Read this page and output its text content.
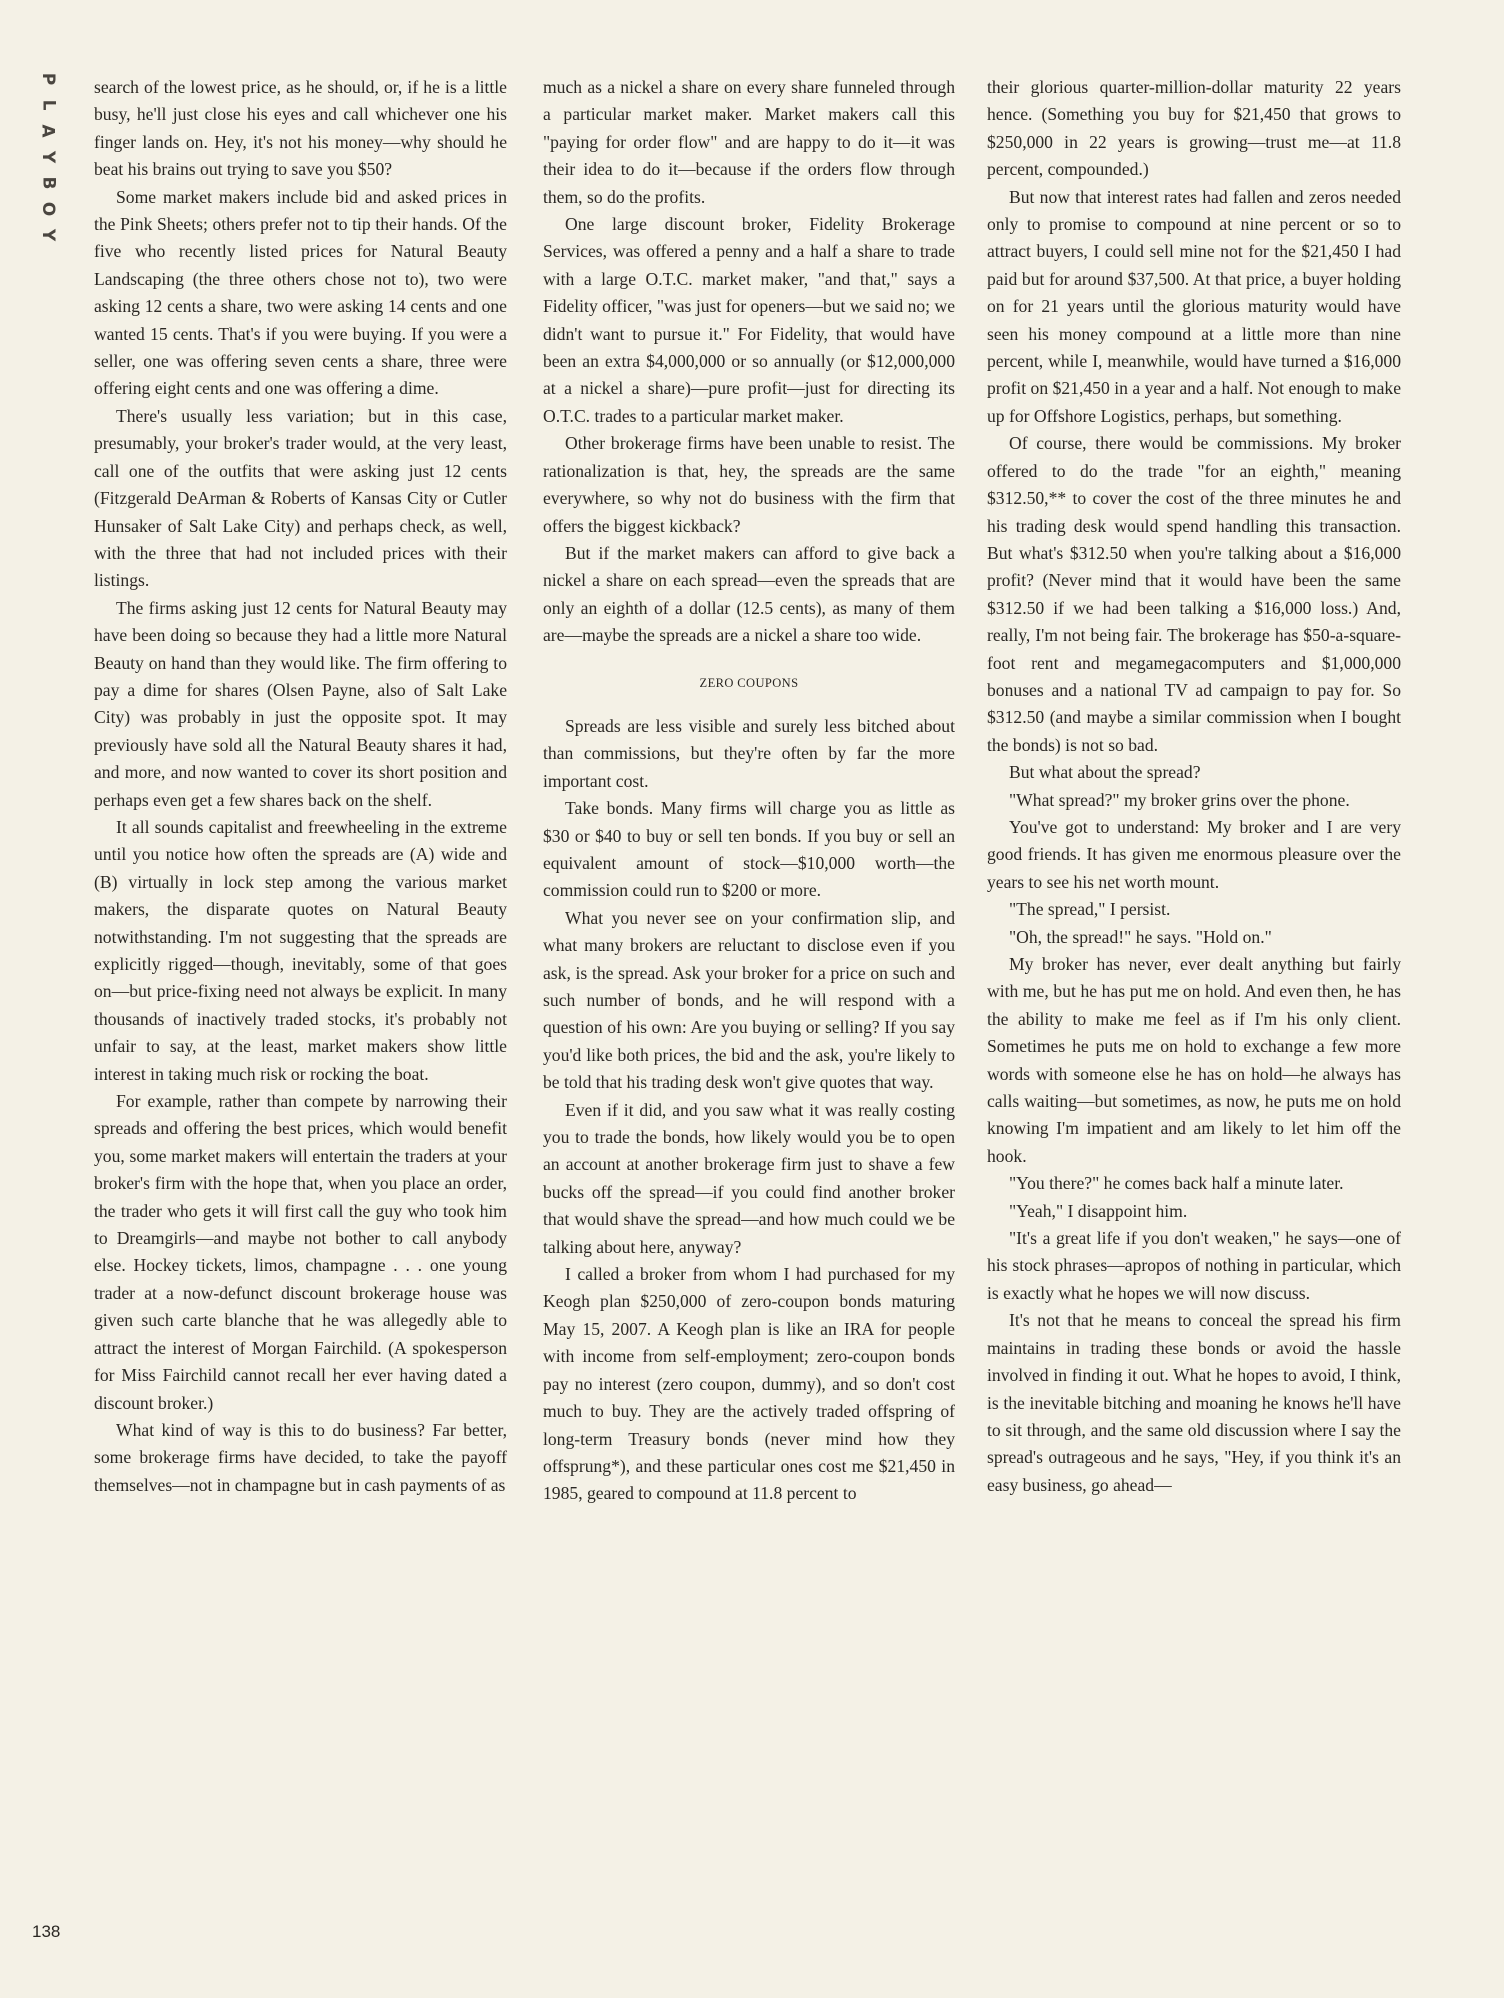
P
L
A
Y
B
O
Y

search of the lowest price, as he should, or, if he is a little busy, he'll just close his eyes and call whichever one his finger lands on. Hey, it's not his money—why should he beat his brains out trying to save you $50?

Some market makers include bid and asked prices in the Pink Sheets; others prefer not to tip their hands. Of the five who recently listed prices for Natural Beauty Landscaping (the three others chose not to), two were asking 12 cents a share, two were asking 14 cents and one wanted 15 cents. That's if you were buying. If you were a seller, one was offering seven cents a share, three were offering eight cents and one was offering a dime.

There's usually less variation; but in this case, presumably, your broker's trader would, at the very least, call one of the outfits that were asking just 12 cents (Fitzgerald DeArman & Roberts of Kansas City or Cutler Hunsaker of Salt Lake City) and perhaps check, as well, with the three that had not included prices with their listings.

The firms asking just 12 cents for Natural Beauty may have been doing so because they had a little more Natural Beauty on hand than they would like. The firm offering to pay a dime for shares (Olsen Payne, also of Salt Lake City) was probably in just the opposite spot. It may previously have sold all the Natural Beauty shares it had, and more, and now wanted to cover its short position and perhaps even get a few shares back on the shelf.

It all sounds capitalist and freewheeling in the extreme until you notice how often the spreads are (A) wide and (B) virtually in lock step among the various market makers, the disparate quotes on Natural Beauty notwithstanding. I'm not suggesting that the spreads are explicitly rigged—though, inevitably, some of that goes on—but price-fixing need not always be explicit. In many thousands of inactively traded stocks, it's probably not unfair to say, at the least, market makers show little interest in taking much risk or rocking the boat.

For example, rather than compete by narrowing their spreads and offering the best prices, which would benefit you, some market makers will entertain the traders at your broker's firm with the hope that, when you place an order, the trader who gets it will first call the guy who took him to Dreamgirls—and maybe not bother to call anybody else. Hockey tickets, limos, champagne . . . one young trader at a now-defunct discount brokerage house was given such carte blanche that he was allegedly able to attract the interest of Morgan Fairchild. (A spokesperson for Miss Fairchild cannot recall her ever having dated a discount broker.)

What kind of way is this to do business? Far better, some brokerage firms have decided, to take the payoff themselves—not in champagne but in cash payments of as

much as a nickel a share on every share funneled through a particular market maker. Market makers call this "paying for order flow" and are happy to do it—it was their idea to do it—because if the orders flow through them, so do the profits.

One large discount broker, Fidelity Brokerage Services, was offered a penny and a half a share to trade with a large O.T.C. market maker, "and that," says a Fidelity officer, "was just for openers—but we said no; we didn't want to pursue it." For Fidelity, that would have been an extra $4,000,000 or so annually (or $12,000,000 at a nickel a share)—pure profit—just for directing its O.T.C. trades to a particular market maker.

Other brokerage firms have been unable to resist. The rationalization is that, hey, the spreads are the same everywhere, so why not do business with the firm that offers the biggest kickback?

But if the market makers can afford to give back a nickel a share on each spread—even the spreads that are only an eighth of a dollar (12.5 cents), as many of them are—maybe the spreads are a nickel a share too wide.

ZERO COUPONS

Spreads are less visible and surely less bitched about than commissions, but they're often by far the more important cost.

Take bonds. Many firms will charge you as little as $30 or $40 to buy or sell ten bonds. If you buy or sell an equivalent amount of stock—$10,000 worth—the commission could run to $200 or more.

What you never see on your confirmation slip, and what many brokers are reluctant to disclose even if you ask, is the spread. Ask your broker for a price on such and such number of bonds, and he will respond with a question of his own: Are you buying or selling? If you say you'd like both prices, the bid and the ask, you're likely to be told that his trading desk won't give quotes that way.

Even if it did, and you saw what it was really costing you to trade the bonds, how likely would you be to open an account at another brokerage firm just to shave a few bucks off the spread—if you could find another broker that would shave the spread—and how much could we be talking about here, anyway?

I called a broker from whom I had purchased for my Keogh plan $250,000 of zero-coupon bonds maturing May 15, 2007. A Keogh plan is like an IRA for people with income from self-employment; zero-coupon bonds pay no interest (zero coupon, dummy), and so don't cost much to buy. They are the actively traded offspring of long-term Treasury bonds (never mind how they offsprung*), and these particular ones cost me $21,450 in 1985, geared to compound at 11.8 percent to

their glorious quarter-million-dollar maturity 22 years hence. (Something you buy for $21,450 that grows to $250,000 in 22 years is growing—trust me—at 11.8 percent, compounded.)

But now that interest rates had fallen and zeros needed only to promise to compound at nine percent or so to attract buyers, I could sell mine not for the $21,450 I had paid but for around $37,500. At that price, a buyer holding on for 21 years until the glorious maturity would have seen his money compound at a little more than nine percent, while I, meanwhile, would have turned a $16,000 profit on $21,450 in a year and a half. Not enough to make up for Offshore Logistics, perhaps, but something.

Of course, there would be commissions. My broker offered to do the trade "for an eighth," meaning $312.50,** to cover the cost of the three minutes he and his trading desk would spend handling this transaction. But what's $312.50 when you're talking about a $16,000 profit? (Never mind that it would have been the same $312.50 if we had been talking a $16,000 loss.) And, really, I'm not being fair. The brokerage has $50-a-square-foot rent and megamegacomputers and $1,000,000 bonuses and a national TV ad campaign to pay for. So $312.50 (and maybe a similar commission when I bought the bonds) is not so bad.

But what about the spread?

"What spread?" my broker grins over the phone.

You've got to understand: My broker and I are very good friends. It has given me enormous pleasure over the years to see his net worth mount.

"The spread," I persist.

"Oh, the spread!" he says. "Hold on."

My broker has never, ever dealt anything but fairly with me, but he has put me on hold. And even then, he has the ability to make me feel as if I'm his only client. Sometimes he puts me on hold to exchange a few more words with someone else he has on hold—he always has calls waiting—but sometimes, as now, he puts me on hold knowing I'm impatient and am likely to let him off the hook.

"You there?" he comes back half a minute later.

"Yeah," I disappoint him.

"It's a great life if you don't weaken," he says—one of his stock phrases—apropos of nothing in particular, which is exactly what he hopes we will now discuss.

It's not that he means to conceal the spread his firm maintains in trading these bonds or avoid the hassle involved in finding it out. What he hopes to avoid, I think, is the inevitable bitching and moaning he knows he'll have to sit through, and the same old discussion where I say the spread's outrageous and he says, "Hey, if you think it's an easy business, go ahead—

138
